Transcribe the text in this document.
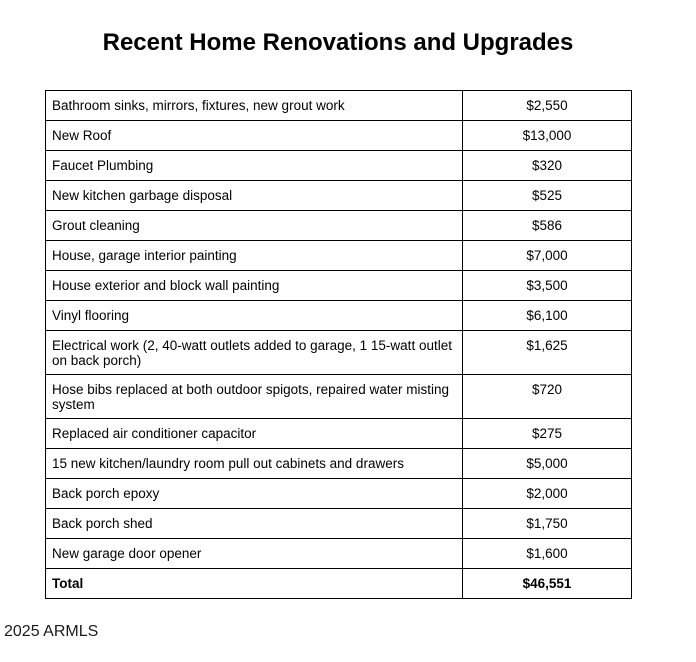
Recent Home Renovations and Upgrades
Bathroom sinks, mirrors, fixtures, new grout work	$2,550
New Roof	$13,000
Faucet Plumbing	$320
New kitchen garbage disposal	$525
Grout cleaning	$586
House, garage interior painting	$7,000
House exterior and block wall painting	$3,500
Vinyl flooring	$6,100
Electrical work (2, 40-watt outlets added to garage, 1 15-watt outlet on back porch)	$1,625
Hose bibs replaced at both outdoor spigots, repaired water misting system	$720
Replaced air conditioner capacitor	$275
15 new kitchen/laundry room pull out cabinets and drawers	$5,000
Back porch epoxy	$2,000
Back porch shed	$1,750
New garage door opener	$1,600
Total	$46,551
2025 ARMLS
